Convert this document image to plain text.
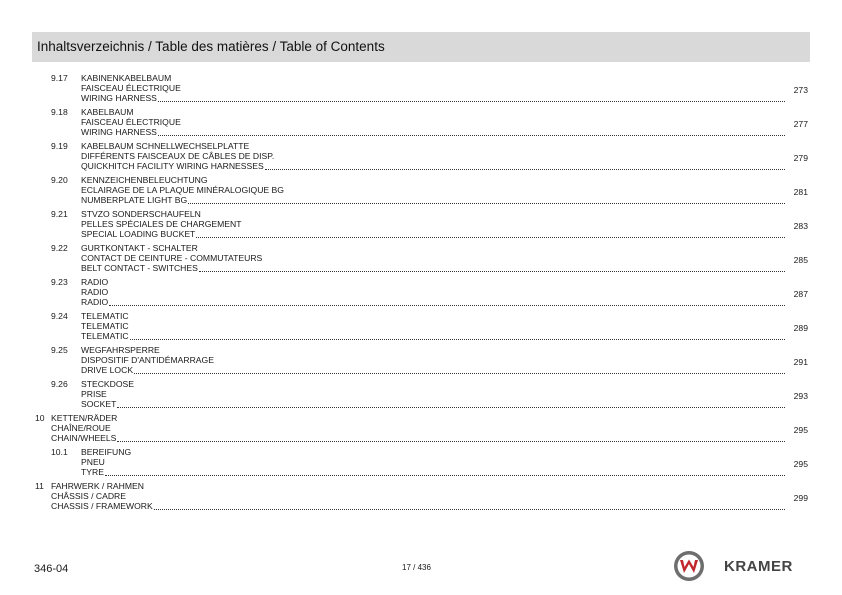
Inhaltsverzeichnis / Table des matières / Table of Contents
9.17 KABINENKABELBAUM
FAISCEAU ÉLECTRIQUE
WIRING HARNESS
273
9.18 KABELBAUM
FAISCEAU ÉLECTRIQUE
WIRING HARNESS
277
9.19 KABELBAUM SCHNELLWECHSELPLATTE
DIFFÉRENTS FAISCEAUX DE CÂBLES DE DISP.
QUICKHITCH FACILITY WIRING HARNESSES
279
9.20 KENNZEICHENBELEUCHTUNG
ECLAIRAGE DE LA PLAQUE MINÉRALOGIQUE BG
NUMBERPLATE LIGHT BG
281
9.21 STVZO SONDERSCHAUFELN
PELLES SPÉCIALES DE CHARGEMENT
SPECIAL LOADING BUCKET
283
9.22 GURTKONTAKT - SCHALTER
CONTACT DE CEINTURE - COMMUTATEURS
BELT CONTACT - SWITCHES
285
9.23 RADIO
RADIO
RADIO
287
9.24 TELEMATIC
TELEMATIC
TELEMATIC
289
9.25 WEGFAHRSPERRE
DISPOSITIF D'ANTIDÉMARRAGE
DRIVE LOCK
291
9.26 STECKDOSE
PRISE
SOCKET
293
10 KETTEN/RÄDER
CHAÎNE/ROUE
CHAIN/WHEELS
295
10.1 BEREIFUNG
PNEU
TYRE
295
11 FAHRWERK / RAHMEN
CHÂSSIS / CADRE
CHASSIS / FRAMEWORK
299
346-04	17 / 436	KRAMER
